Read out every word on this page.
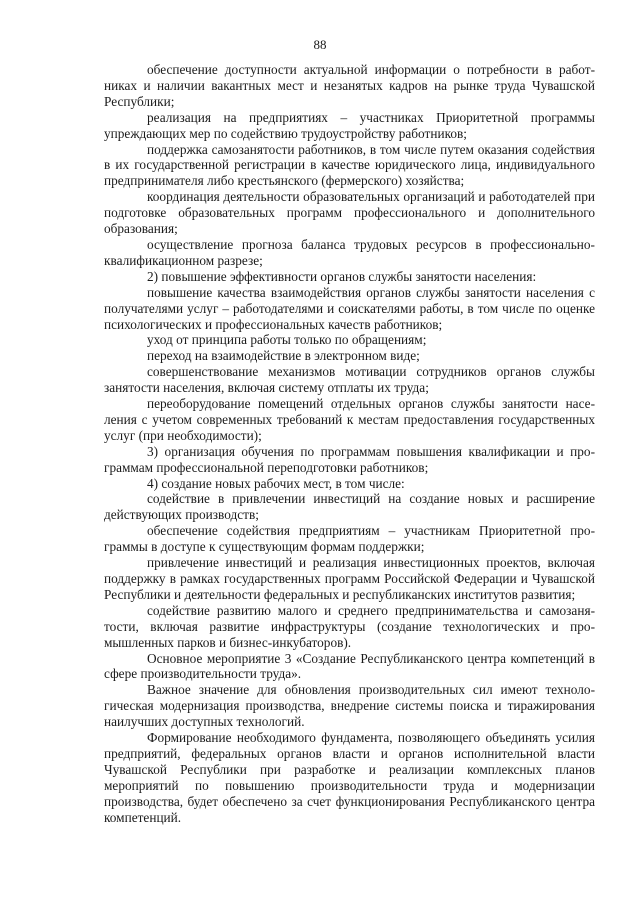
88

обеспечение доступности актуальной информации о потребности в работниках и наличии вакантных мест и незанятых кадров на рынке труда Чувашской Республики;

реализация на предприятиях – участниках Приоритетной программы упреждающих мер по содействию трудоустройству работников;

поддержка самозанятости работников, в том числе путем оказания содействия в их государственной регистрации в качестве юридического лица, индивидуального предпринимателя либо крестьянского (фермерского) хозяйства;

координация деятельности образовательных организаций и работодателей при подготовке образовательных программ профессионального и дополнительного образования;

осуществление прогноза баланса трудовых ресурсов в профессионально-квалификационном разрезе;

2) повышение эффективности органов службы занятости населения:

повышение качества взаимодействия органов службы занятости населения с получателями услуг – работодателями и соискателями работы, в том числе по оценке психологических и профессиональных качеств работников;

уход от принципа работы только по обращениям;

переход на взаимодействие в электронном виде;

совершенствование механизмов мотивации сотрудников органов службы занятости населения, включая систему отплаты их труда;

переоборудование помещений отдельных органов службы занятости населения с учетом современных требований к местам предоставления государственных услуг (при необходимости);

3) организация обучения по программам повышения квалификации и программам профессиональной переподготовки работников;

4) создание новых рабочих мест, в том числе:

содействие в привлечении инвестиций на создание новых и расширение действующих производств;

обеспечение содействия предприятиям – участникам Приоритетной программы в доступе к существующим формам поддержки;

привлечение инвестиций и реализация инвестиционных проектов, включая поддержку в рамках государственных программ Российской Федерации и Чувашской Республики и деятельности федеральных и республиканских институтов развития;

содействие развитию малого и среднего предпринимательства и самозанятости, включая развитие инфраструктуры (создание технологических и промышленных парков и бизнес-инкубаторов).

Основное мероприятие 3 «Создание Республиканского центра компетенций в сфере производительности труда».

Важное значение для обновления производительных сил имеют технологическая модернизация производства, внедрение системы поиска и тиражирования наилучших доступных технологий.

Формирование необходимого фундамента, позволяющего объединять усилия предприятий, федеральных органов власти и органов исполнительной власти Чувашской Республики при разработке и реализации комплексных планов мероприятий по повышению производительности труда и модернизации производства, будет обеспечено за счет функционирования Республиканского центра компетенций.
